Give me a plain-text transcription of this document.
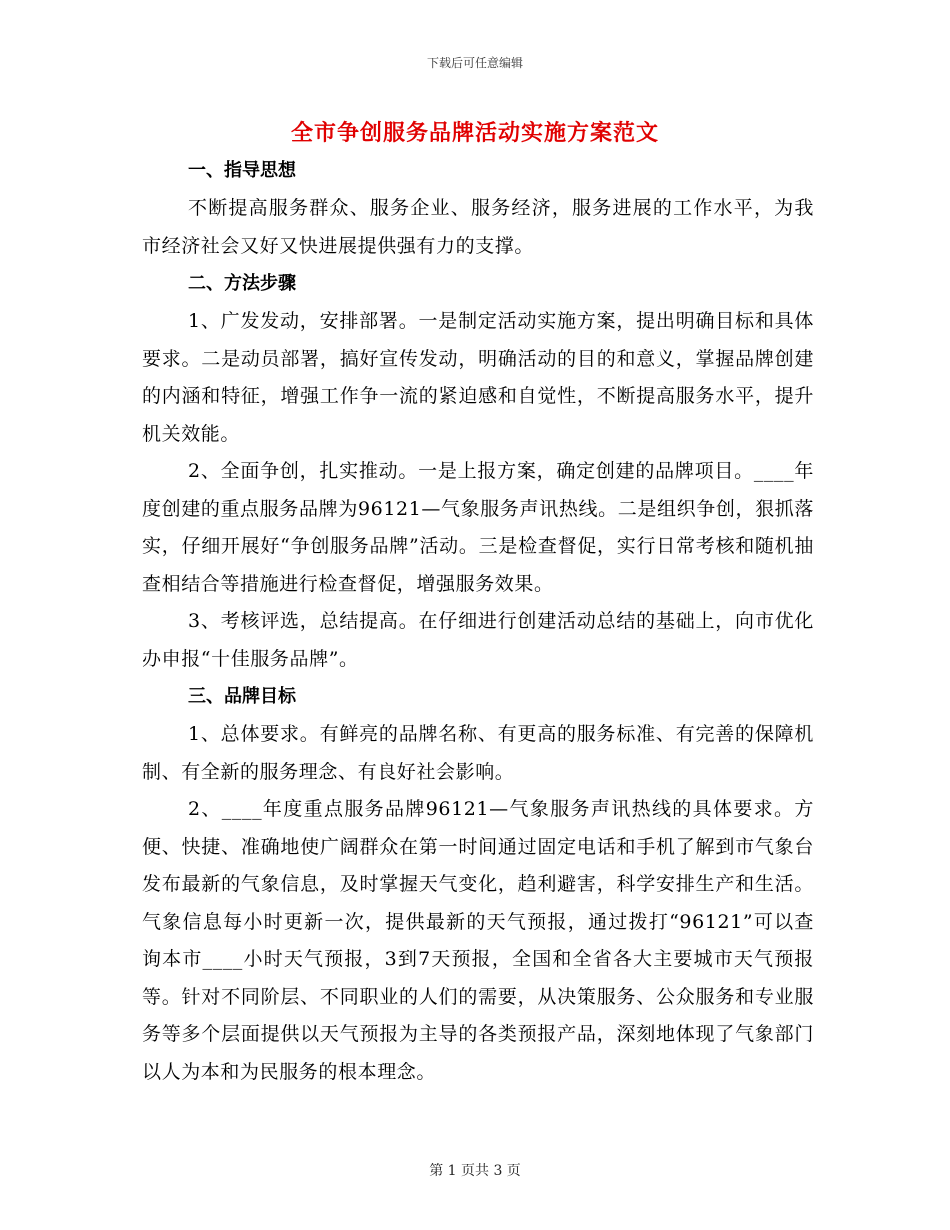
下载后可任意编辑
全市争创服务品牌活动实施方案范文
一、指导思想

不断提高服务群众、服务企业、服务经济，服务进展的工作水平，为我市经济社会又好又快进展提供强有力的支撑。

二、方法步骤

1、广发发动，安排部署。一是制定活动实施方案，提出明确目标和具体要求。二是动员部署，搞好宣传发动，明确活动的目的和意义，掌握品牌创建的内涵和特征，增强工作争一流的紧迫感和自觉性，不断提高服务水平，提升机关效能。

2、全面争创，扎实推动。一是上报方案，确定创建的品牌项目。____年度创建的重点服务品牌为96121—气象服务声讯热线。二是组织争创，狠抓落实，仔细开展好“争创服务品牌”活动。三是检查督促，实行日常考核和随机抽查相结合等措施进行检查督促，增强服务效果。

3、考核评选，总结提高。在仔细进行创建活动总结的基础上，向市优化办申报“十佳服务品牌”。

三、品牌目标

1、总体要求。有鲜亮的品牌名称、有更高的服务标准、有完善的保障机制、有全新的服务理念、有良好社会影响。

2、____年度重点服务品牌96121—气象服务声讯热线的具体要求。方便、快捷、准确地使广阔群众在第一时间通过固定电话和手机了解到市气象台发布最新的气象信息，及时掌握天气变化，趋利避害，科学安排生产和生活。气象信息每小时更新一次，提供最新的天气预报，通过拨打“96121”可以查询本市____小时天气预报，3到7天预报，全国和全省各大主要城市天气预报等。针对不同阶层、不同职业的人们的需要，从决策服务、公众服务和专业服务等多个层面提供以天气预报为主导的各类预报产品，深刻地体现了气象部门以人为本和为民服务的根本理念。

第 1 页共 3 页
